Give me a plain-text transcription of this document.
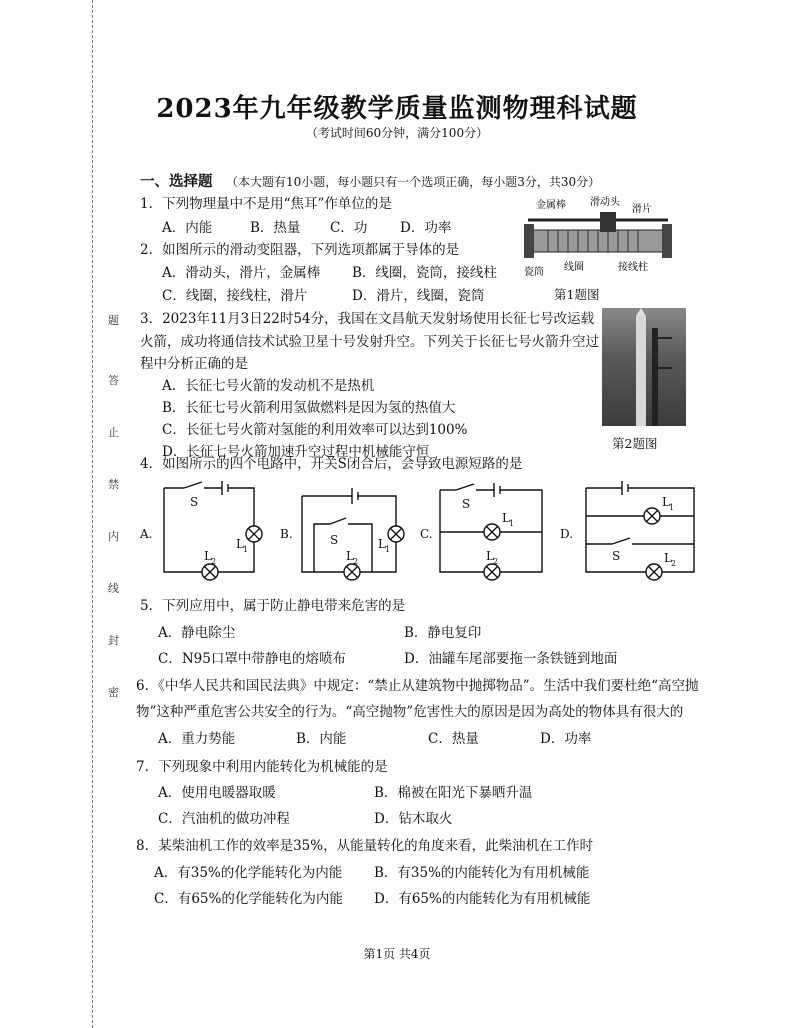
题
答
止
禁
内
线
封
密
2023年九年级教学质量监测物理科试题
（考试时间60分钟，满分100分）
一、选择题 （本大题有10小题，每小题只有一个选项正确，每小题3分，共30分）
1．下列物理量中不是用“焦耳”作单位的是
A．内能	B．热量 C．功 D．功率
金属棒 滑动头
滑片
瓷筒 线圈	接线柱
第1题图
2．如图所示的滑动变阻器，下列选项都属于导体的是
A．滑动头，滑片，金属棒 B．线圈，瓷筒，接线柱
C．线圈，接线柱，滑片	D．滑片，线圈，瓷筒
3．2023年11月3日22时54分，我国在文昌航天发射场使用长征七号改运载
火箭，成功将通信技术试验卫星十号发射升空。下列关于长征七号火箭升空过
程中分析正确的是
A．长征七号火箭的发动机不是热机
B．长征七号火箭利用氢做燃料是因为氢的热值大
C．长征七号火箭对氢能的利用效率可以达到100%
D．长征七号火箭加速升空过程中机械能守恒
第2题图
4．如图所示的四个电路中，开关S闭合后，会导致电源短路的是
A.	B.	C.	D.
S
S
S
S
L 1
L 2
L 1
L 2
L 1
L 2
L 1
L 2
5．下列应用中，属于防止静电带来危害的是
A．静电除尘	B．静电复印
C．N95口罩中带静电的熔喷布	D．油罐车尾部要拖一条铁链到地面
6．《中华人民共和国民法典》中规定：“禁止从建筑物中抛掷物品”。生活中我们要杜绝“高空抛
物”这种严重危害公共安全的行为。“高空抛物”危害性大的原因是因为高处的物体具有很大的
A．重力势能	B．内能	C．热量	D．功率
7．下列现象中利用内能转化为机械能的是
A．使用电暖器取暖	B．棉被在阳光下暴晒升温
C．汽油机的做功冲程	D．钻木取火
8．某柴油机工作的效率是35%，从能量转化的角度来看，此柴油机在工作时
A．有35%的化学能转化为内能 B．有35%的内能转化为有用机械能
C．有65%的化学能转化为内能 D．有65%的内能转化为有用机械能
第1页 共4页
